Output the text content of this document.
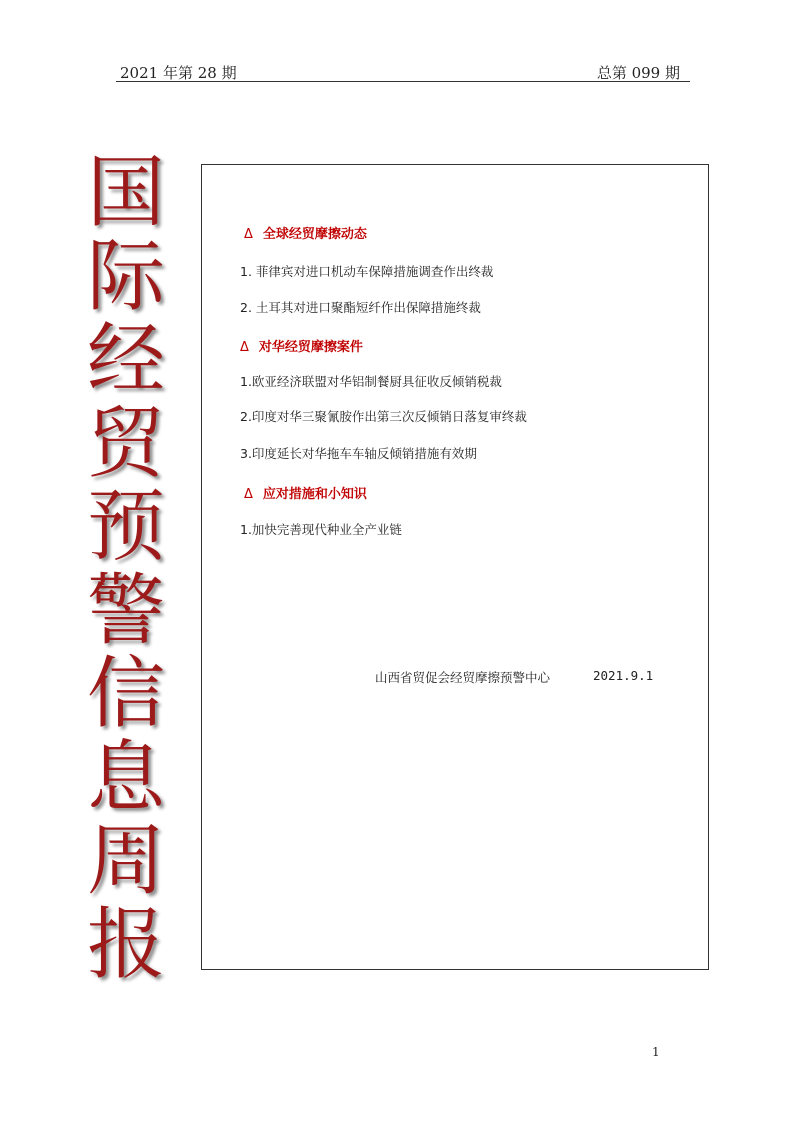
2021 年第 28 期	总第 099 期
国
际
经
贸
预
警
信
息
周
报
Δ 全球经贸摩擦动态
1. 菲律宾对进口机动车保障措施调查作出终裁
2. 土耳其对进口聚酯短纤作出保障措施终裁
Δ 对华经贸摩擦案件
1.欧亚经济联盟对华铝制餐厨具征收反倾销税裁
2.印度对华三聚氰胺作出第三次反倾销日落复审终裁
3.印度延长对华拖车车轴反倾销措施有效期
Δ 应对措施和小知识
1.加快完善现代种业全产业链
山西省贸促会经贸摩擦预警中心	2021.9.1
1
